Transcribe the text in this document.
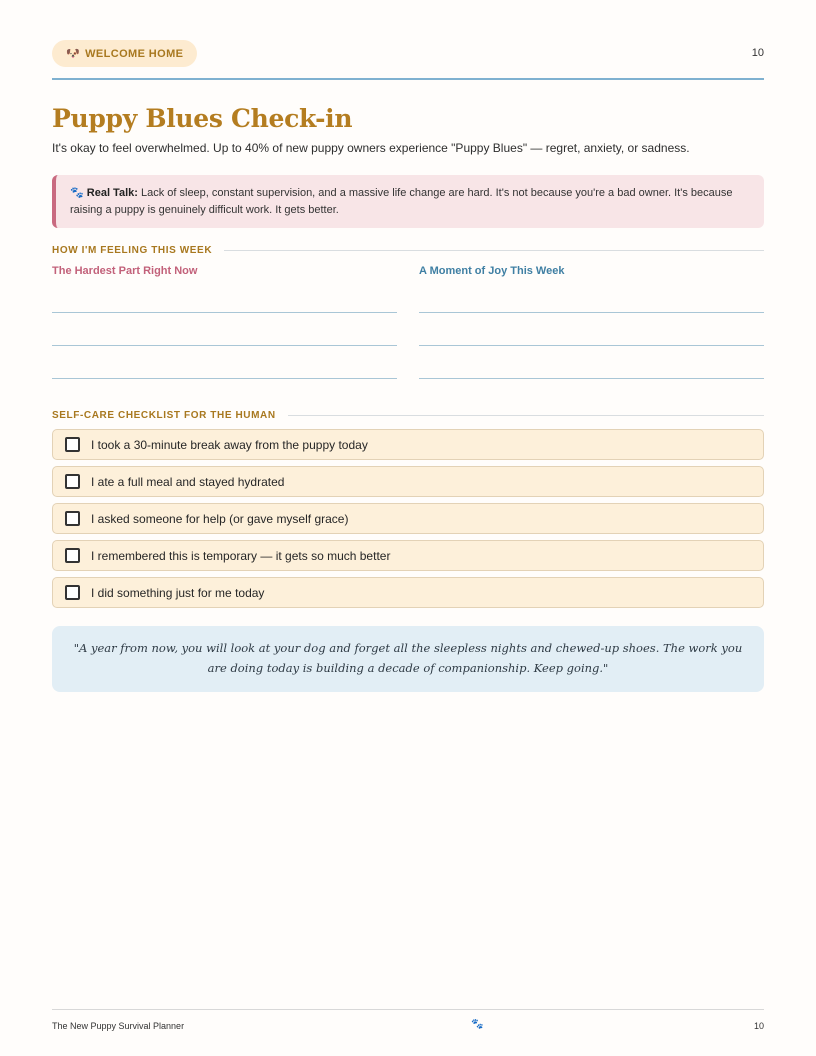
🐶 WELCOME HOME	10
Puppy Blues Check-in
It's okay to feel overwhelmed. Up to 40% of new puppy owners experience "Puppy Blues" — regret, anxiety, or sadness.
🐾 Real Talk: Lack of sleep, constant supervision, and a massive life change are hard. It's not because you're a bad owner. It's because raising a puppy is genuinely difficult work. It gets better.
HOW I'M FEELING THIS WEEK
The Hardest Part Right Now	A Moment of Joy This Week
SELF-CARE CHECKLIST FOR THE HUMAN
I took a 30-minute break away from the puppy today
I ate a full meal and stayed hydrated
I asked someone for help (or gave myself grace)
I remembered this is temporary — it gets so much better
I did something just for me today
"A year from now, you will look at your dog and forget all the sleepless nights and chewed-up shoes. The work you are doing today is building a decade of companionship. Keep going."
The New Puppy Survival Planner	🐾	10
